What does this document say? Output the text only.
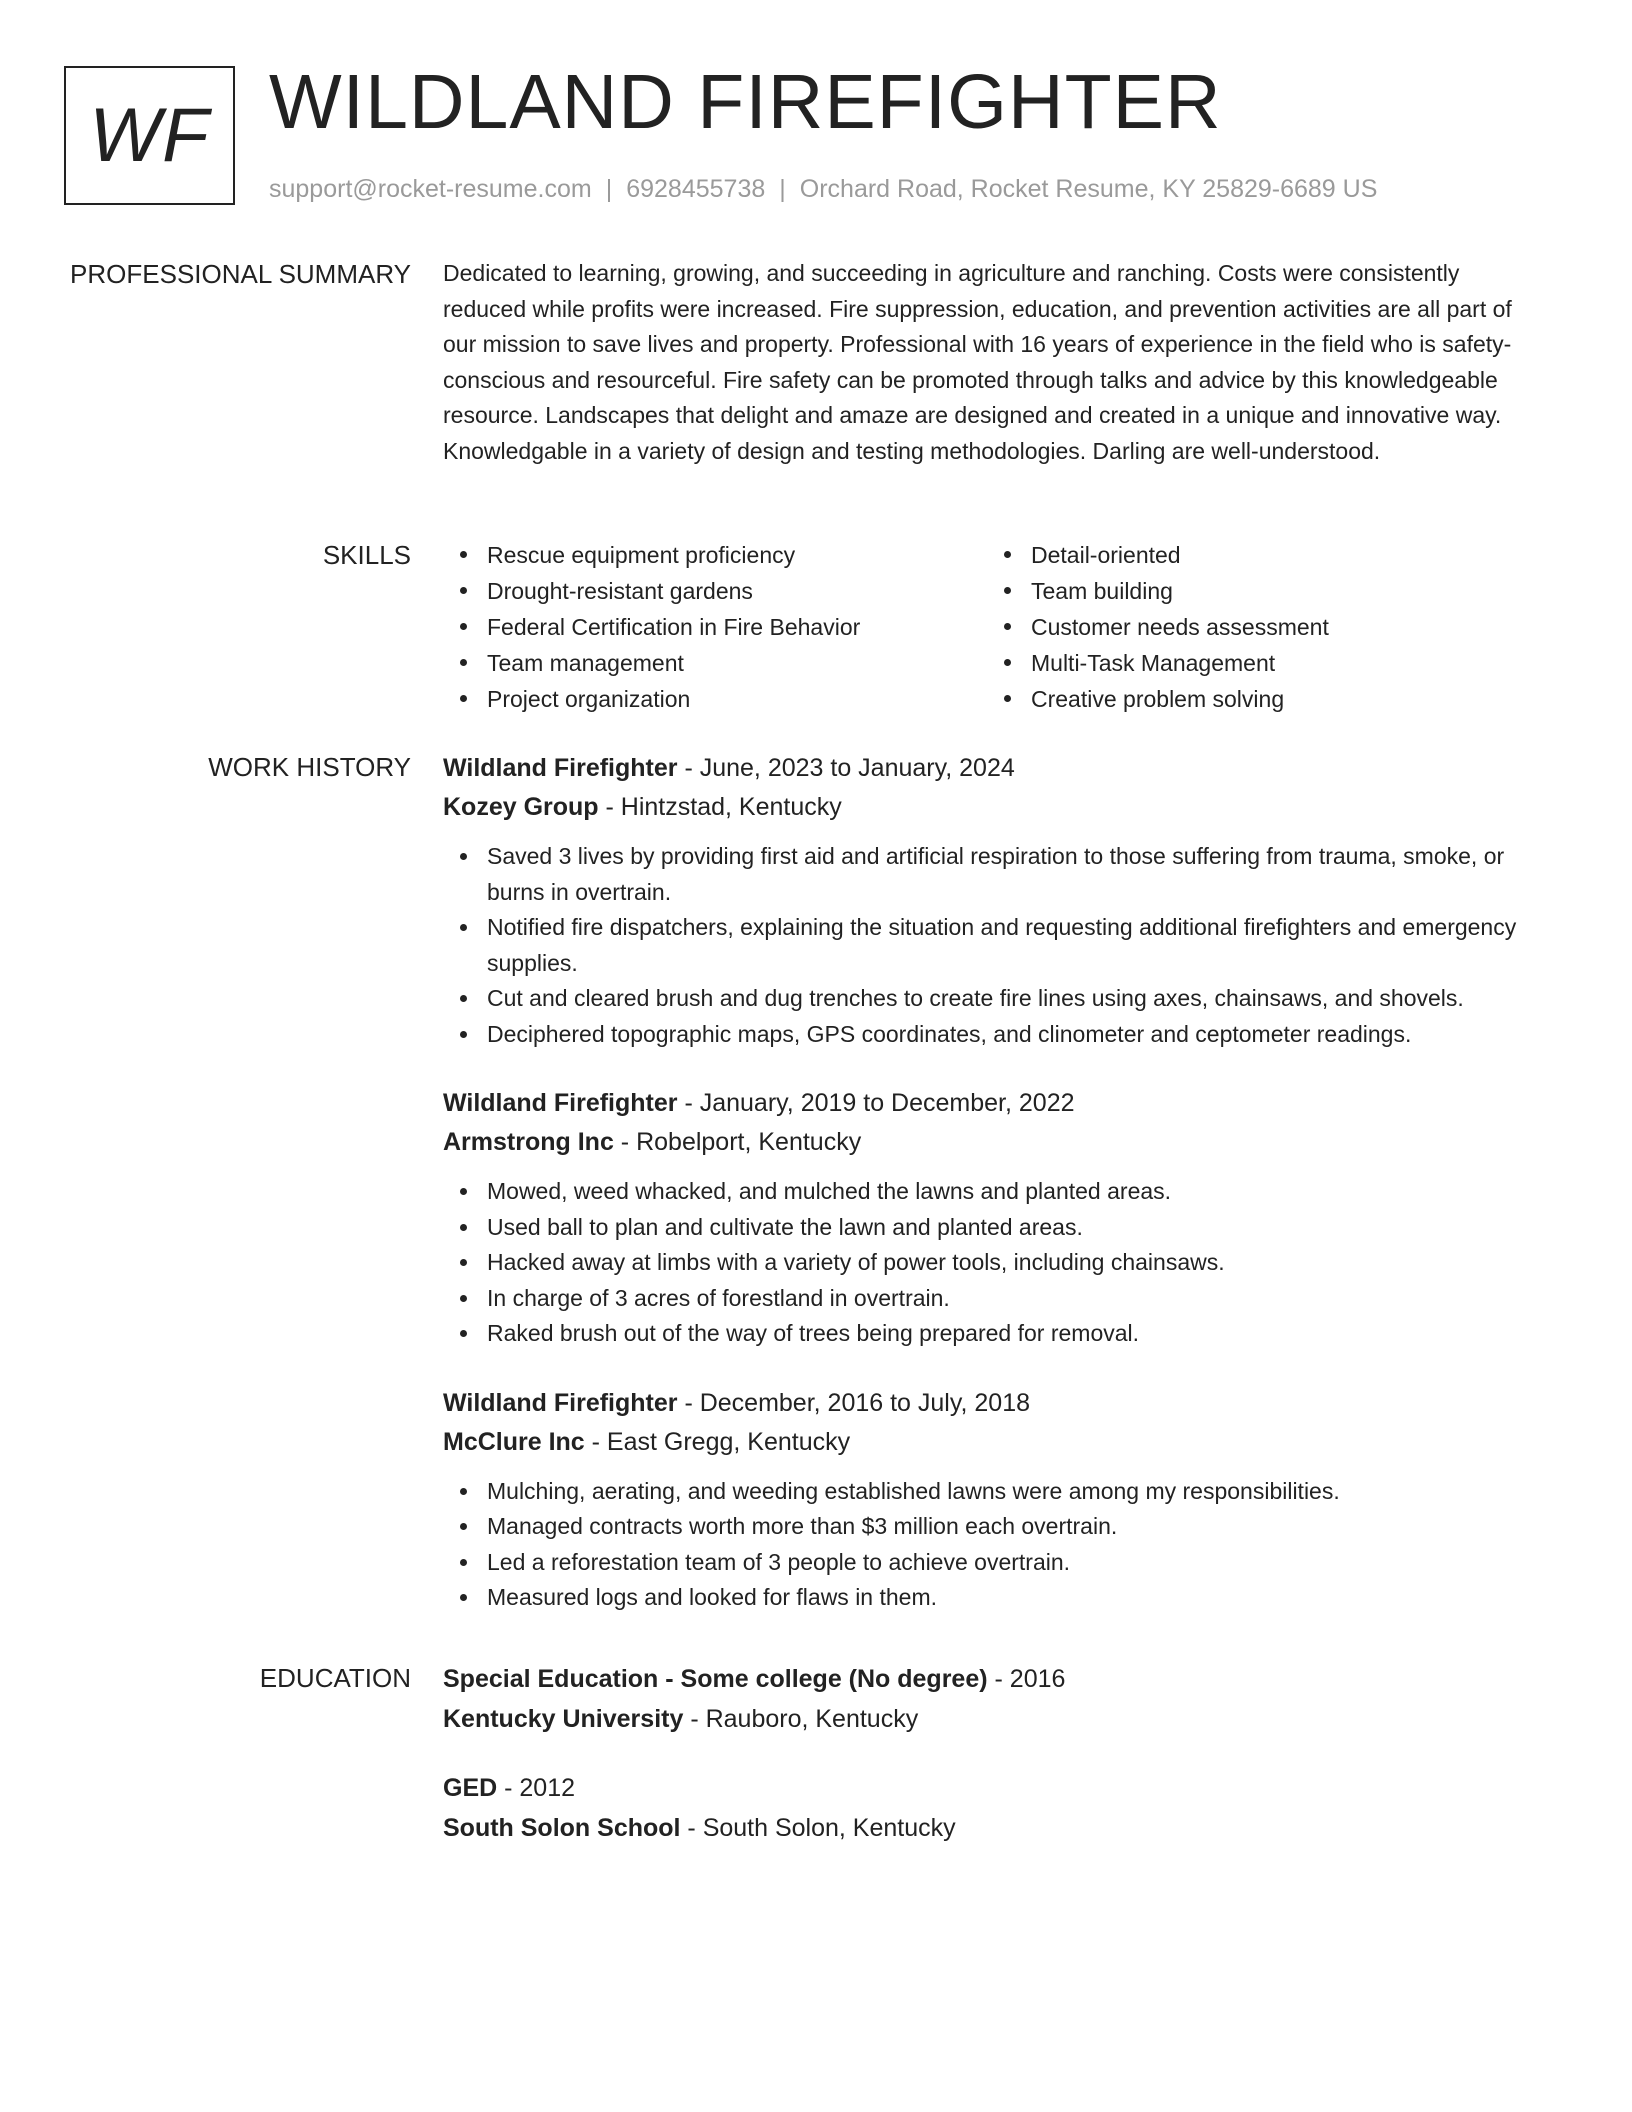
WF WILDLAND FIREFIGHTER
support@rocket-resume.com | 6928455738 | Orchard Road, Rocket Resume, KY 25829-6689 US
PROFESSIONAL SUMMARY Dedicated to learning, growing, and succeeding in agriculture and ranching. Costs were consistently reduced while profits were increased. Fire suppression, education, and prevention activities are all part of our mission to save lives and property. Professional with 16 years of experience in the field who is safety-conscious and resourceful. Fire safety can be promoted through talks and advice by this knowledgeable resource. Landscapes that delight and amaze are designed and created in a unique and innovative way. Knowledgable in a variety of design and testing methodologies. Darling are well-understood.

SKILLS	Rescue equipment proficiency
Drought-resistant gardens
Federal Certification in Fire Behavior
Team management
Project organization
Detail-oriented
Team building
Customer needs assessment
Multi-Task Management
Creative problem solving
WORK HISTORY Wildland Firefighter - June, 2023 to January, 2024
Kozey Group - Hintzstad, Kentucky
Saved 3 lives by providing first aid and artificial respiration to those suffering from trauma, smoke, or burns in overtrain.
Notified fire dispatchers, explaining the situation and requesting additional firefighters and emergency supplies.
Cut and cleared brush and dug trenches to create fire lines using axes, chainsaws, and shovels.
Deciphered topographic maps, GPS coordinates, and clinometer and ceptometer readings.
Wildland Firefighter - January, 2019 to December, 2022
Armstrong Inc - Robelport, Kentucky
Mowed, weed whacked, and mulched the lawns and planted areas.
Used ball to plan and cultivate the lawn and planted areas.
Hacked away at limbs with a variety of power tools, including chainsaws.
In charge of 3 acres of forestland in overtrain.
Raked brush out of the way of trees being prepared for removal.
Wildland Firefighter - December, 2016 to July, 2018
McClure Inc - East Gregg, Kentucky
Mulching, aerating, and weeding established lawns were among my responsibilities.
Managed contracts worth more than $3 million each overtrain.
Led a reforestation team of 3 people to achieve overtrain.
Measured logs and looked for flaws in them.
EDUCATION Special Education - Some college (No degree) - 2016
Kentucky University - Rauboro, Kentucky
GED - 2012
South Solon School - South Solon, Kentucky
